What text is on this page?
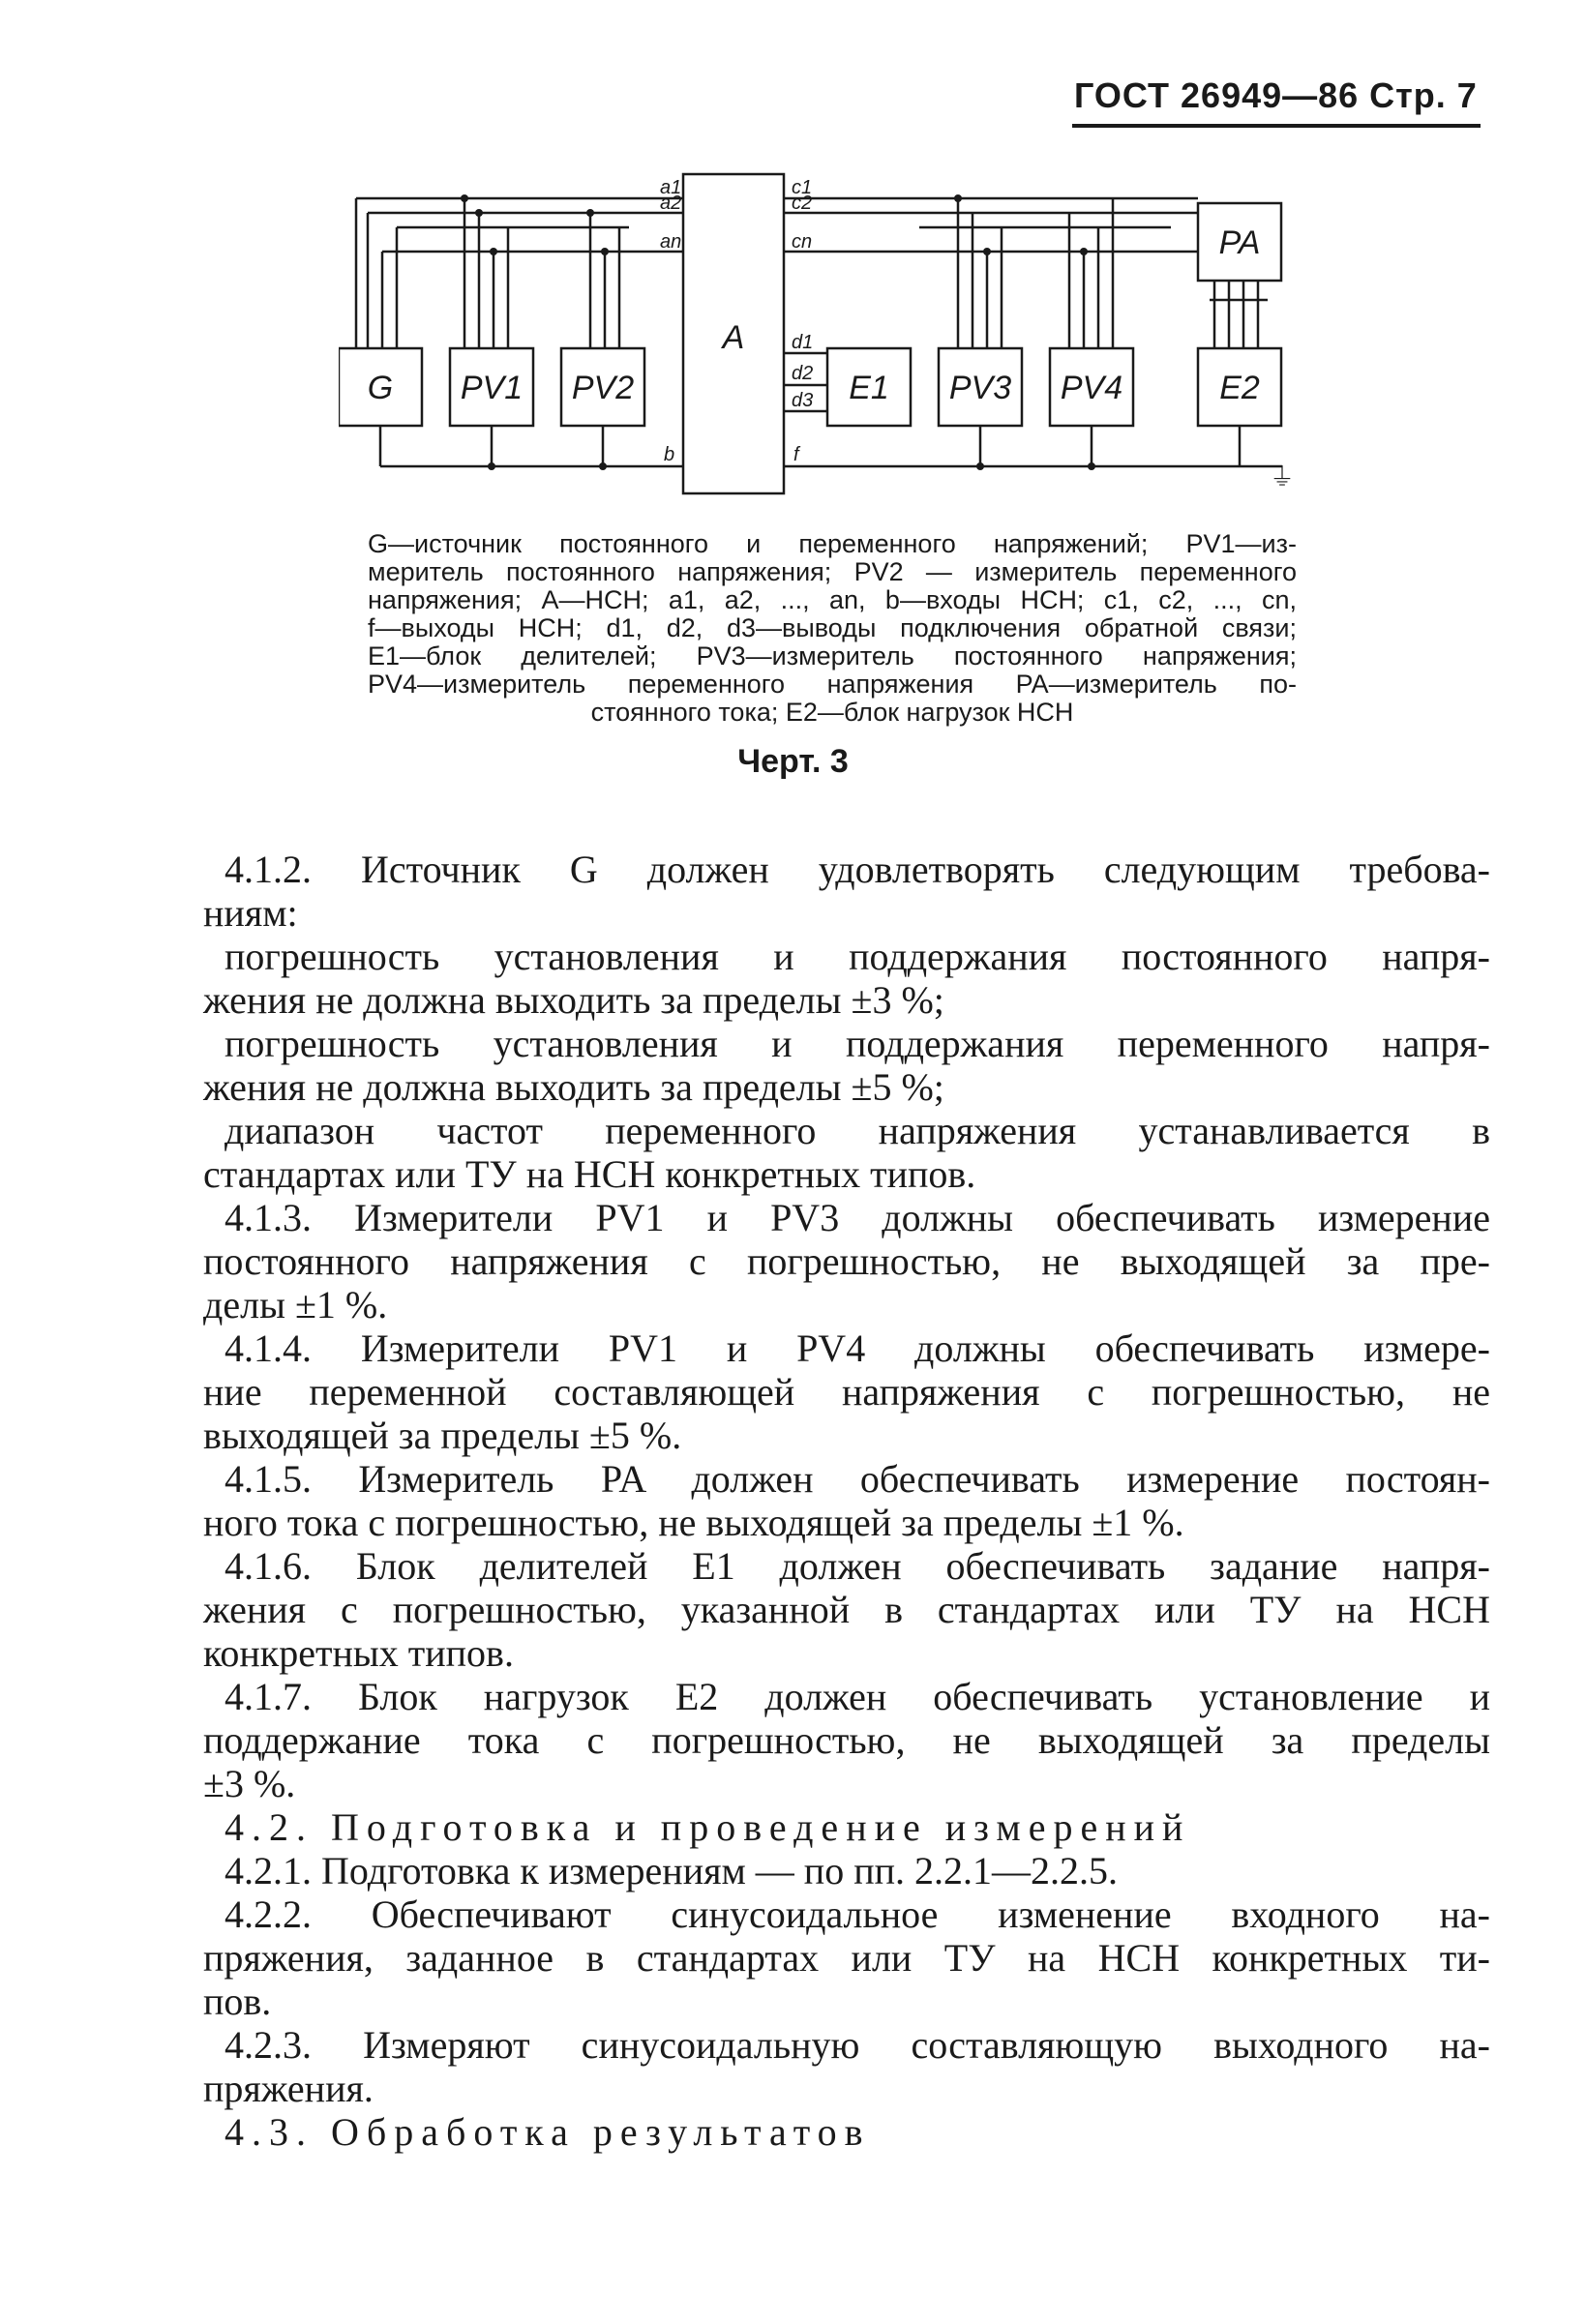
ГОСТ 26949—86 Стр. 7
G PV1 PV2
A
E1 PV3 PV4
PA
E2
a1
a2
an
b
c1
c2
cn
d1
d2
d3
f
⏚
G—источник постоянного и переменного напряжений; PV1—из-
меритель постоянного напряжения; PV2 — измеритель переменного
напряжения; A—НСН; a1, a2, ..., an, b—входы НСН; c1, c2, ..., cn,
f—выходы НСН; d1, d2, d3—выводы подключения обратной связи;
E1—блок делителей; PV3—измеритель постоянного напряжения;
PV4—измеритель переменного напряжения PA—измеритель по-
стоянного тока; E2—блок нагрузок НСН
Черт. 3
4.1.2. Источник G должен удовлетворять следующим требова-
ниям:
погрешность установления и поддержания постоянного напря-
жения не должна выходить за пределы ±3 %;
погрешность установления и поддержания переменного напря-
жения не должна выходить за пределы ±5 %;
диапазон частот переменного напряжения устанавливается в
стандартах или ТУ на НСН конкретных типов.
4.1.3. Измерители PV1 и PV3 должны обеспечивать измерение
постоянного напряжения с погрешностью, не выходящей за пре-
делы ±1 %.
4.1.4. Измерители PV1 и PV4 должны обеспечивать измере-
ние переменной составляющей напряжения с погрешностью, не
выходящей за пределы ±5 %.
4.1.5. Измеритель PA должен обеспечивать измерение постоян-
ного тока с погрешностью, не выходящей за пределы ±1 %.
4.1.6. Блок делителей E1 должен обеспечивать задание напря-
жения с погрешностью, указанной в стандартах или ТУ на НСН
конкретных типов.
4.1.7. Блок нагрузок E2 должен обеспечивать установление и
поддержание тока с погрешностью, не выходящей за пределы
±3 %.
4.2. Подготовка и проведение измерений
4.2.1. Подготовка к измерениям — по пп. 2.2.1—2.2.5.
4.2.2. Обеспечивают синусоидальное изменение входного на-
пряжения, заданное в стандартах или ТУ на НСН конкретных ти-
пов.
4.2.3. Измеряют синусоидальную составляющую выходного на-
пряжения.
4.3. Обработка результатов
